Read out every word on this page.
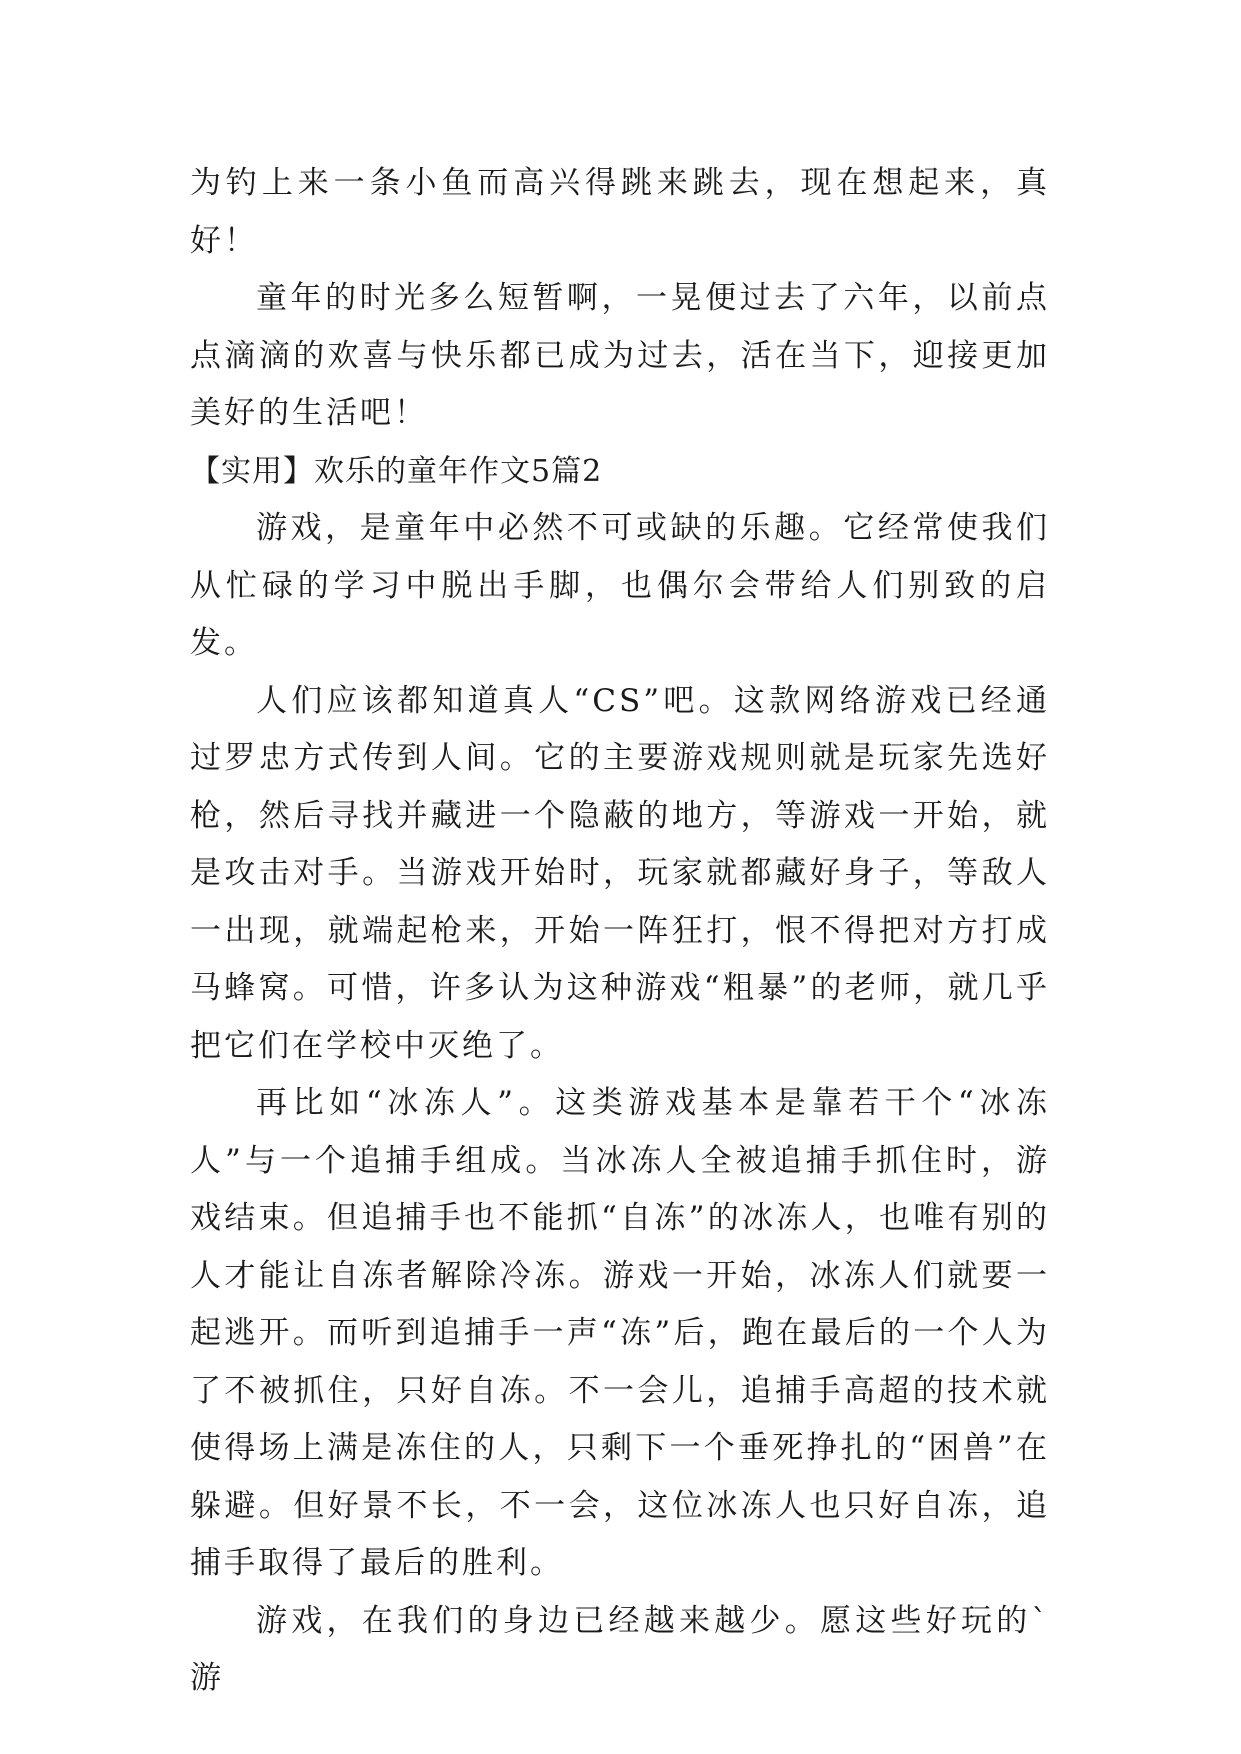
为钓上来一条小鱼而高兴得跳来跳去，现在想起来，真好！

童年的时光多么短暂啊，一晃便过去了六年，以前点点滴滴的欢喜与快乐都已成为过去，活在当下，迎接更加美好的生活吧！

【实用】欢乐的童年作文5篇2

游戏，是童年中必然不可或缺的乐趣。它经常使我们从忙碌的学习中脱出手脚，也偶尔会带给人们别致的启发。

人们应该都知道真人“CS”吧。这款网络游戏已经通过罗忠方式传到人间。它的主要游戏规则就是玩家先选好枪，然后寻找并藏进一个隐蔽的地方，等游戏一开始，就是攻击对手。当游戏开始时，玩家就都藏好身子，等敌人一出现，就端起枪来，开始一阵狂打，恨不得把对方打成马蜂窝。可惜，许多认为这种游戏“粗暴”的老师，就几乎把它们在学校中灭绝了。

再比如“冰冻人”。这类游戏基本是靠若干个“冰冻人”与一个追捕手组成。当冰冻人全被追捕手抓住时，游戏结束。但追捕手也不能抓“自冻”的冰冻人，也唯有别的人才能让自冻者解除冷冻。游戏一开始，冰冻人们就要一起逃开。而听到追捕手一声“冻”后，跑在最后的一个人为了不被抓住，只好自冻。不一会儿，追捕手高超的技术就使得场上满是冻住的人，只剩下一个垂死挣扎的“困兽”在躲避。但好景不长，不一会，这位冰冻人也只好自冻，追捕手取得了最后的胜利。

游戏，在我们的身边已经越来越少。愿这些好玩的`游
